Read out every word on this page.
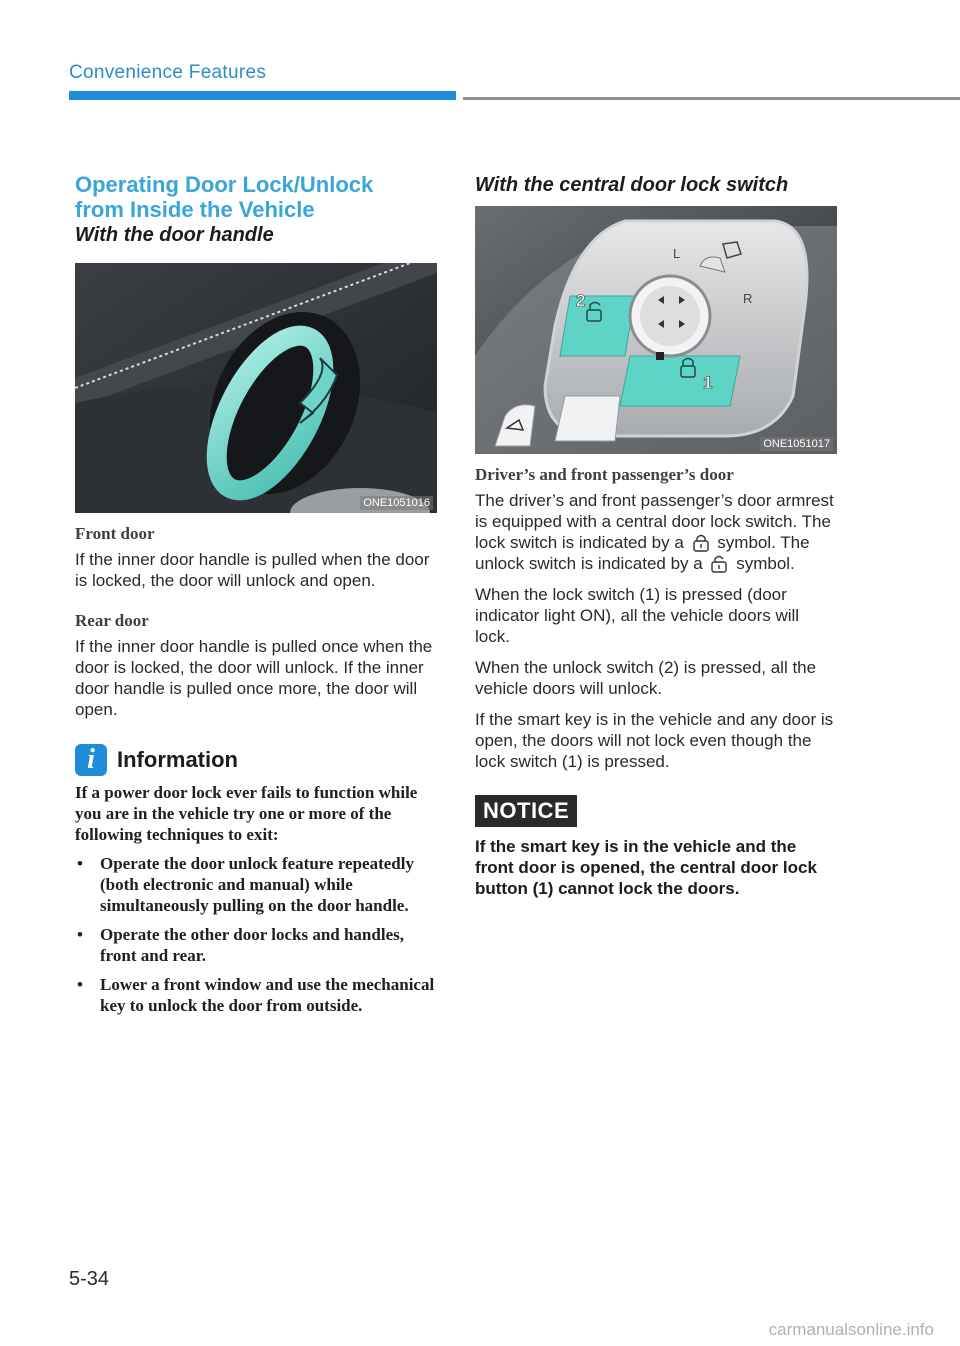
Convenience Features
Operating Door Lock/Unlock
from Inside the Vehicle
With the door handle
ONE1051016

Front door

If the inner door handle is pulled when the door is locked, the door will unlock and open.

Rear door

If the inner door handle is pulled once when the door is locked, the door will unlock. If the inner door handle is pulled once more, the door will open.

i	Information

If a power door lock ever fails to function while you are in the vehicle try one or more of the following techniques to exit:

• Operate the door unlock feature repeatedly (both electronic and manual) while simultaneously pulling on the door handle.
• Operate the other door locks and handles, front and rear.
• Lower a front window and use the mechanical key to unlock the door from outside.
With the central door lock switch
L
R
2
1
ONE1051017

Driver’s and front passenger’s door

The driver’s and front passenger’s door armrest is equipped with a central door lock switch. The lock switch is indicated by a symbol. The unlock switch is indicated by a symbol.

When the lock switch (1) is pressed (door indicator light ON), all the vehicle doors will lock.

When the unlock switch (2) is pressed, all the vehicle doors will unlock.

If the smart key is in the vehicle and any door is open, the doors will not lock even though the lock switch (1) is pressed.

NOTICE

If the smart key is in the vehicle and the front door is opened, the central door lock button (1) cannot lock the doors.

5-34
carmanualsonline.info
